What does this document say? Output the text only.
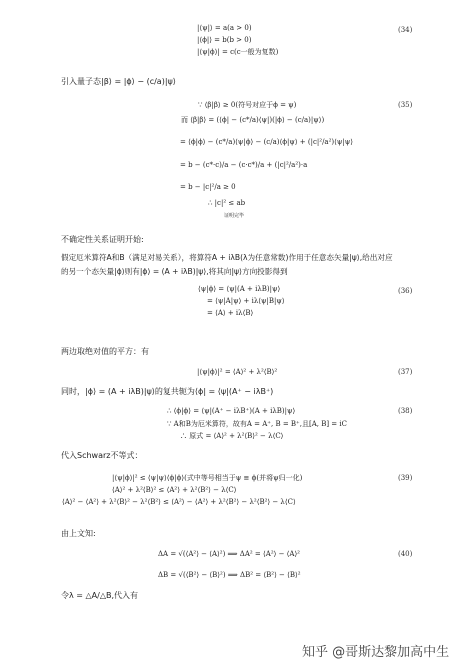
|⟨ψ|⟩ = a(a > 0)
|⟨ϕ|⟩ = b(b > 0)
|⟨ψ|ϕ⟩| = c(c一般为复数)
(34)
引入量子态|β⟩ = |ϕ⟩ − (c/a)|ψ⟩
∵ ⟨β|β⟩ ≥ 0(符号对应于ϕ = ψ)
而 ⟨β|β⟩ = (⟨ϕ| − (c*/a)⟨ψ|)(|ϕ⟩ − (c/a)|ψ⟩)
= ⟨ϕ|ϕ⟩ − (c*/a)⟨ψ|ϕ⟩ − (c/a)⟨ϕ|ψ⟩ + (|c|²/a²)⟨ψ|ψ⟩
= b − (c*·c)/a − (c·c*)/a + (|c|²/a²)·a
= b − |c|²/a ≥ 0
∴ |c|² ≤ ab
证明完毕
(35)
不确定性关系证明开始:
假定厄米算符A和B（满足对易关系），将算符A + iλB(λ为任意常数)作用于任意态矢量|ψ⟩,给出对应
的另一个态矢量|ϕ⟩则有|ϕ⟩ = (A + iλB)|ψ⟩,将其向|ψ⟩方向投影得到
⟨ψ|ϕ⟩ = ⟨ψ|(A + iλB)|ψ⟩
= ⟨ψ|A|ψ⟩ + iλ⟨ψ|B|ψ⟩
= ⟨A⟩ + iλ⟨B⟩
(36)
两边取绝对值的平方：有
|⟨ψ|ϕ⟩|² = ⟨A⟩² + λ²⟨B⟩²	(37)
同时，|ϕ⟩ = (A + iλB)|ψ⟩的复共轭为⟨ϕ| = ⟨ψ|(A⁺ − iλB⁺)
∴ ⟨ϕ|ϕ⟩ = ⟨ψ|(A⁺ − iλB⁺)(A + iλB)|ψ⟩
∵ A和B为厄米算符，故有A = A⁺, B = B⁺,且[A, B] = iC
∴ 原式 = ⟨A⟩² + λ²⟨B⟩² − λ⟨C⟩
(38)
代入Schwarz不等式：
|⟨ψ|ϕ⟩|² ≤ ⟨ψ|ψ⟩⟨ϕ|ϕ⟩(式中等号相当于ψ ≡ ϕ(并将ψ归一化)
⟨A⟩² + λ²⟨B⟩² ≤ ⟨A²⟩ + λ²⟨B²⟩ − λ⟨C⟩
⟨A⟩² − ⟨A²⟩ + λ²⟨B⟩² − λ²⟨B²⟩ ≤ ⟨A²⟩ − ⟨A²⟩ + λ²⟨B²⟩ − λ²⟨B²⟩ − λ⟨C⟩
(39)
由上文知:
ΔA = √(⟨A²⟩ − ⟨A⟩²) ⟹ ΔA² = ⟨A²⟩ − ⟨A⟩²
ΔB = √(⟨B²⟩ − ⟨B⟩²) ⟹ ΔB² = ⟨B²⟩ − ⟨B⟩²
(40)
令λ = △A/△B,代入有
知乎 @哥斯达黎加高中生
